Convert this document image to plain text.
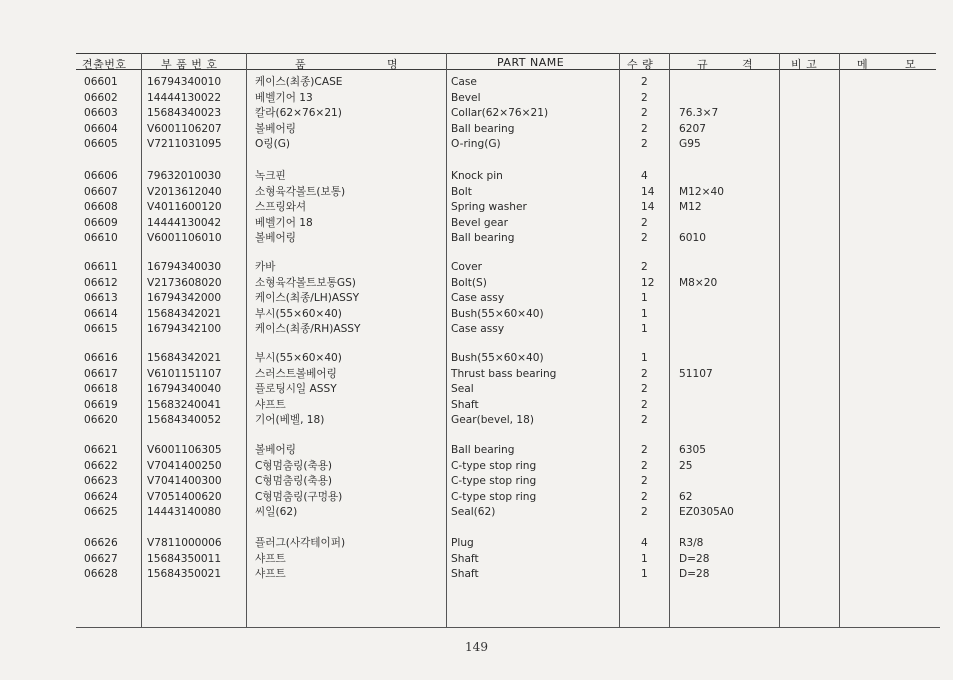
견출번호	부 품 번 호	품	명	PART NAME	수 량	규	격	비 고	메	모
06601	16794340010	케이스(최종)CASE	Case	2
06602	14444130022	베벨기어 13	Bevel	2
06603	15684340023	칼라(62×76×21)	Collar(62×76×21)	2	76.3×7
06604	V6001106207	볼베어링	Ball bearing	2	6207
06605	V7211031095	O링(G)	O-ring(G)	2	G95
06606	79632010030	녹크핀	Knock pin	4
06607	V2013612040	소형육각볼트(보통)	Bolt	14 M12×40
06608	V4011600120	스프링와셔	Spring washer	14 M12
06609	14444130042	베벨기어 18	Bevel gear	2
06610	V6001106010	볼베어링	Ball bearing	2	6010
06611	16794340030	카바	Cover	2
06612	V2173608020	소형육각볼트보통GS)	Bolt(S)	12 M8×20
06613	16794342000	케이스(최종/LH)ASSY	Case assy	1
06614	15684342021	부시(55×60×40)	Bush(55×60×40)	1
06615	16794342100	케이스(최종/RH)ASSY	Case assy	1
06616	15684342021	부시(55×60×40)	Bush(55×60×40)	1
06617	V6101151107	스러스트볼베어링	Thrust bass bearing	2	51107
06618	16794340040	플로팅시일 ASSY	Seal	2
06619	15683240041	샤프트	Shaft	2
06620	15684340052	기어(베벨, 18)	Gear(bevel, 18)	2
06621	V6001106305	볼베어링	Ball bearing	2	6305
06622	V7041400250	C형멈춤링(축용)	C-type stop ring	2	25
06623	V7041400300	C형멈춤링(축용)	C-type stop ring	2
06624	V7051400620	C형멈춤링(구멍용)	C-type stop ring	2	62
06625	14443140080	씨일(62)	Seal(62)	2	EZ0305A0
06626	V7811000006	플러그(사각테이퍼)	Plug	4	R3/8
06627	15684350011	샤프트	Shaft	1	D=28
06628	15684350021	샤프트	Shaft	1	D=28
149
